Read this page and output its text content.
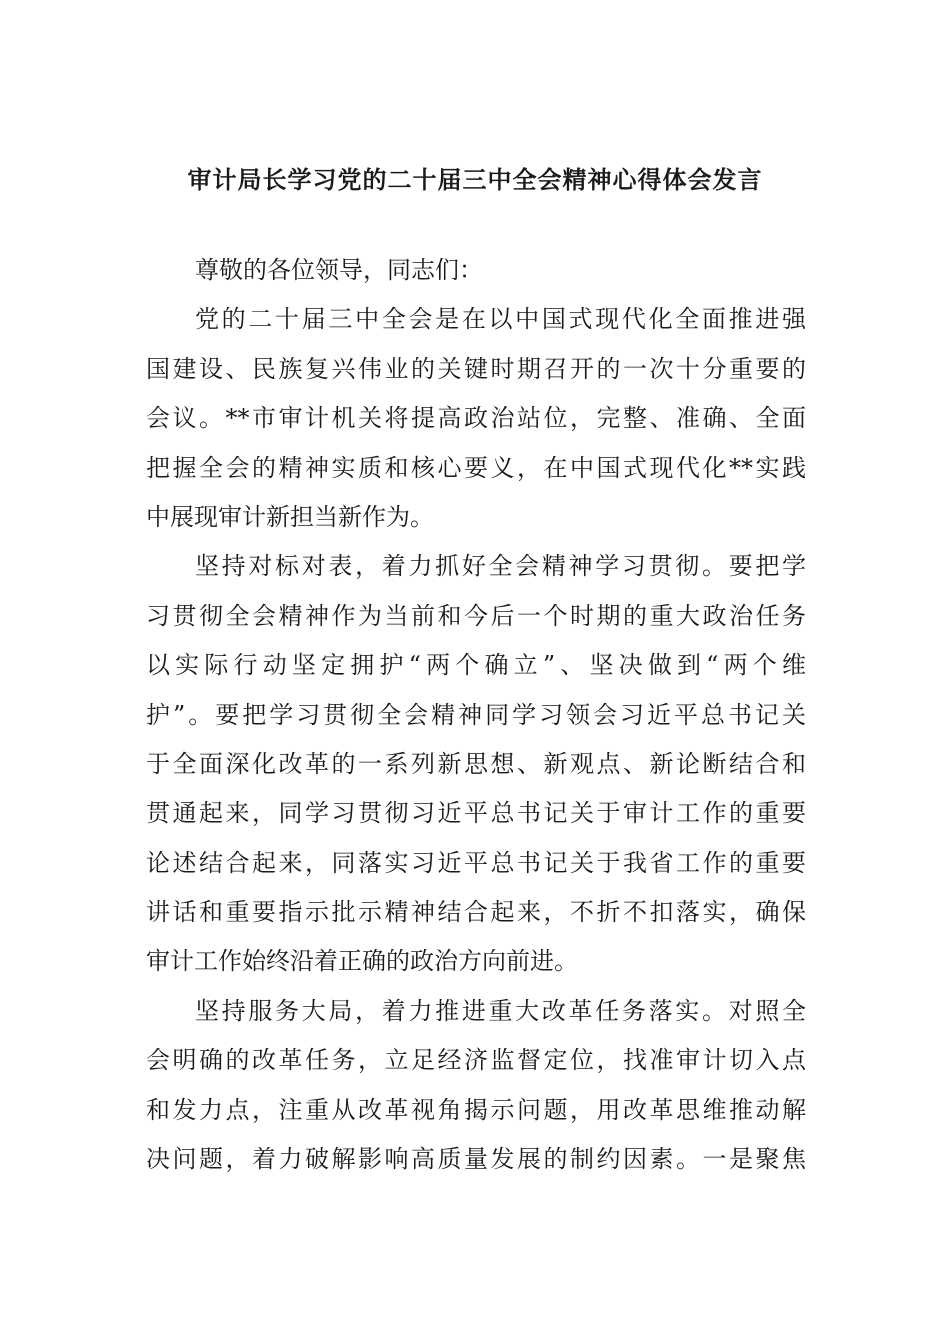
审计局长学习党的二十届三中全会精神心得体会发言
尊敬的各位领导，同志们：
党的二十届三中全会是在以中国式现代化全面推进强
国建设、民族复兴伟业的关键时期召开的一次十分重要的
会议。**市审计机关将提高政治站位，完整、准确、全面
把握全会的精神实质和核心要义，在中国式现代化**实践
中展现审计新担当新作为。
坚持对标对表，着力抓好全会精神学习贯彻。要把学
习贯彻全会精神作为当前和今后一个时期的重大政治任务
以实际行动坚定拥护“两个确立”、坚决做到“两个维
护”。要把学习贯彻全会精神同学习领会习近平总书记关
于全面深化改革的一系列新思想、新观点、新论断结合和
贯通起来，同学习贯彻习近平总书记关于审计工作的重要
论述结合起来，同落实习近平总书记关于我省工作的重要
讲话和重要指示批示精神结合起来，不折不扣落实，确保
审计工作始终沿着正确的政治方向前进。
坚持服务大局，着力推进重大改革任务落实。对照全
会明确的改革任务，立足经济监督定位，找准审计切入点
和发力点，注重从改革视角揭示问题，用改革思维推动解
决问题，着力破解影响高质量发展的制约因素。一是聚焦
